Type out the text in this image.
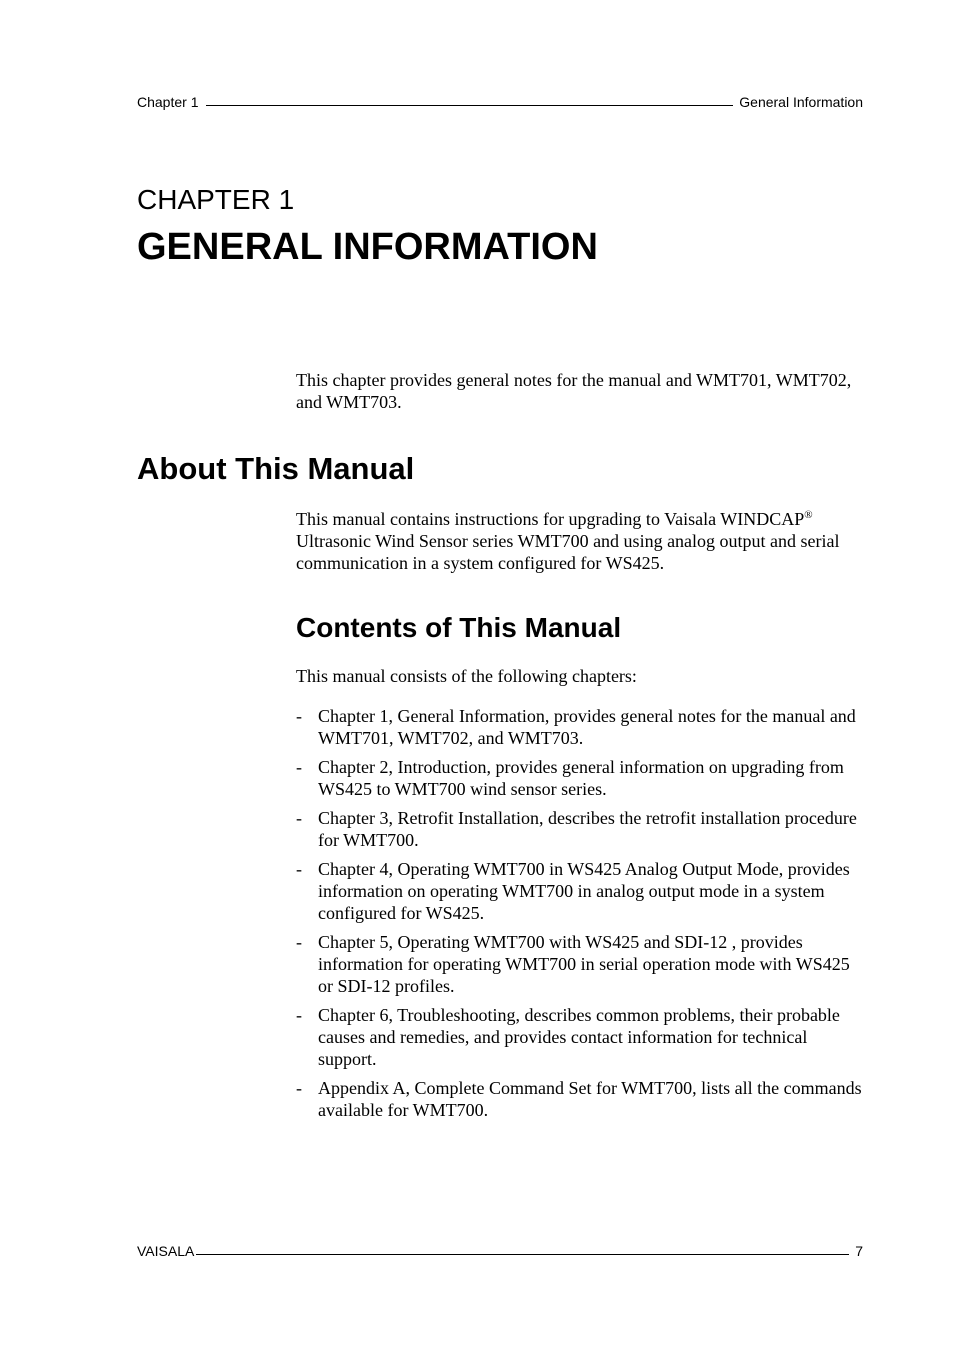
Chapter 1	General Information
CHAPTER 1
GENERAL INFORMATION

This chapter provides general notes for the manual and WMT701, WMT702, and WMT703.

About This Manual

This manual contains instructions for upgrading to Vaisala WINDCAP® Ultrasonic Wind Sensor series WMT700 and using analog output and serial communication in a system configured for WS425.

Contents of This Manual

This manual consists of the following chapters:

- Chapter 1, General Information, provides general notes for the manual and WMT701, WMT702, and WMT703.
- Chapter 2, Introduction, provides general information on upgrading from WS425 to WMT700 wind sensor series.
- Chapter 3, Retrofit Installation, describes the retrofit installation procedure for WMT700.
- Chapter 4, Operating WMT700 in WS425 Analog Output Mode, provides information on operating WMT700 in analog output mode in a system configured for WS425.
- Chapter 5, Operating WMT700 with WS425 and SDI-12 , provides information for operating WMT700 in serial operation mode with WS425 or SDI-12 profiles.
- Chapter 6, Troubleshooting, describes common problems, their probable causes and remedies, and provides contact information for technical support.
- Appendix A, Complete Command Set for WMT700, lists all the commands available for WMT700.
VAISALA	7
